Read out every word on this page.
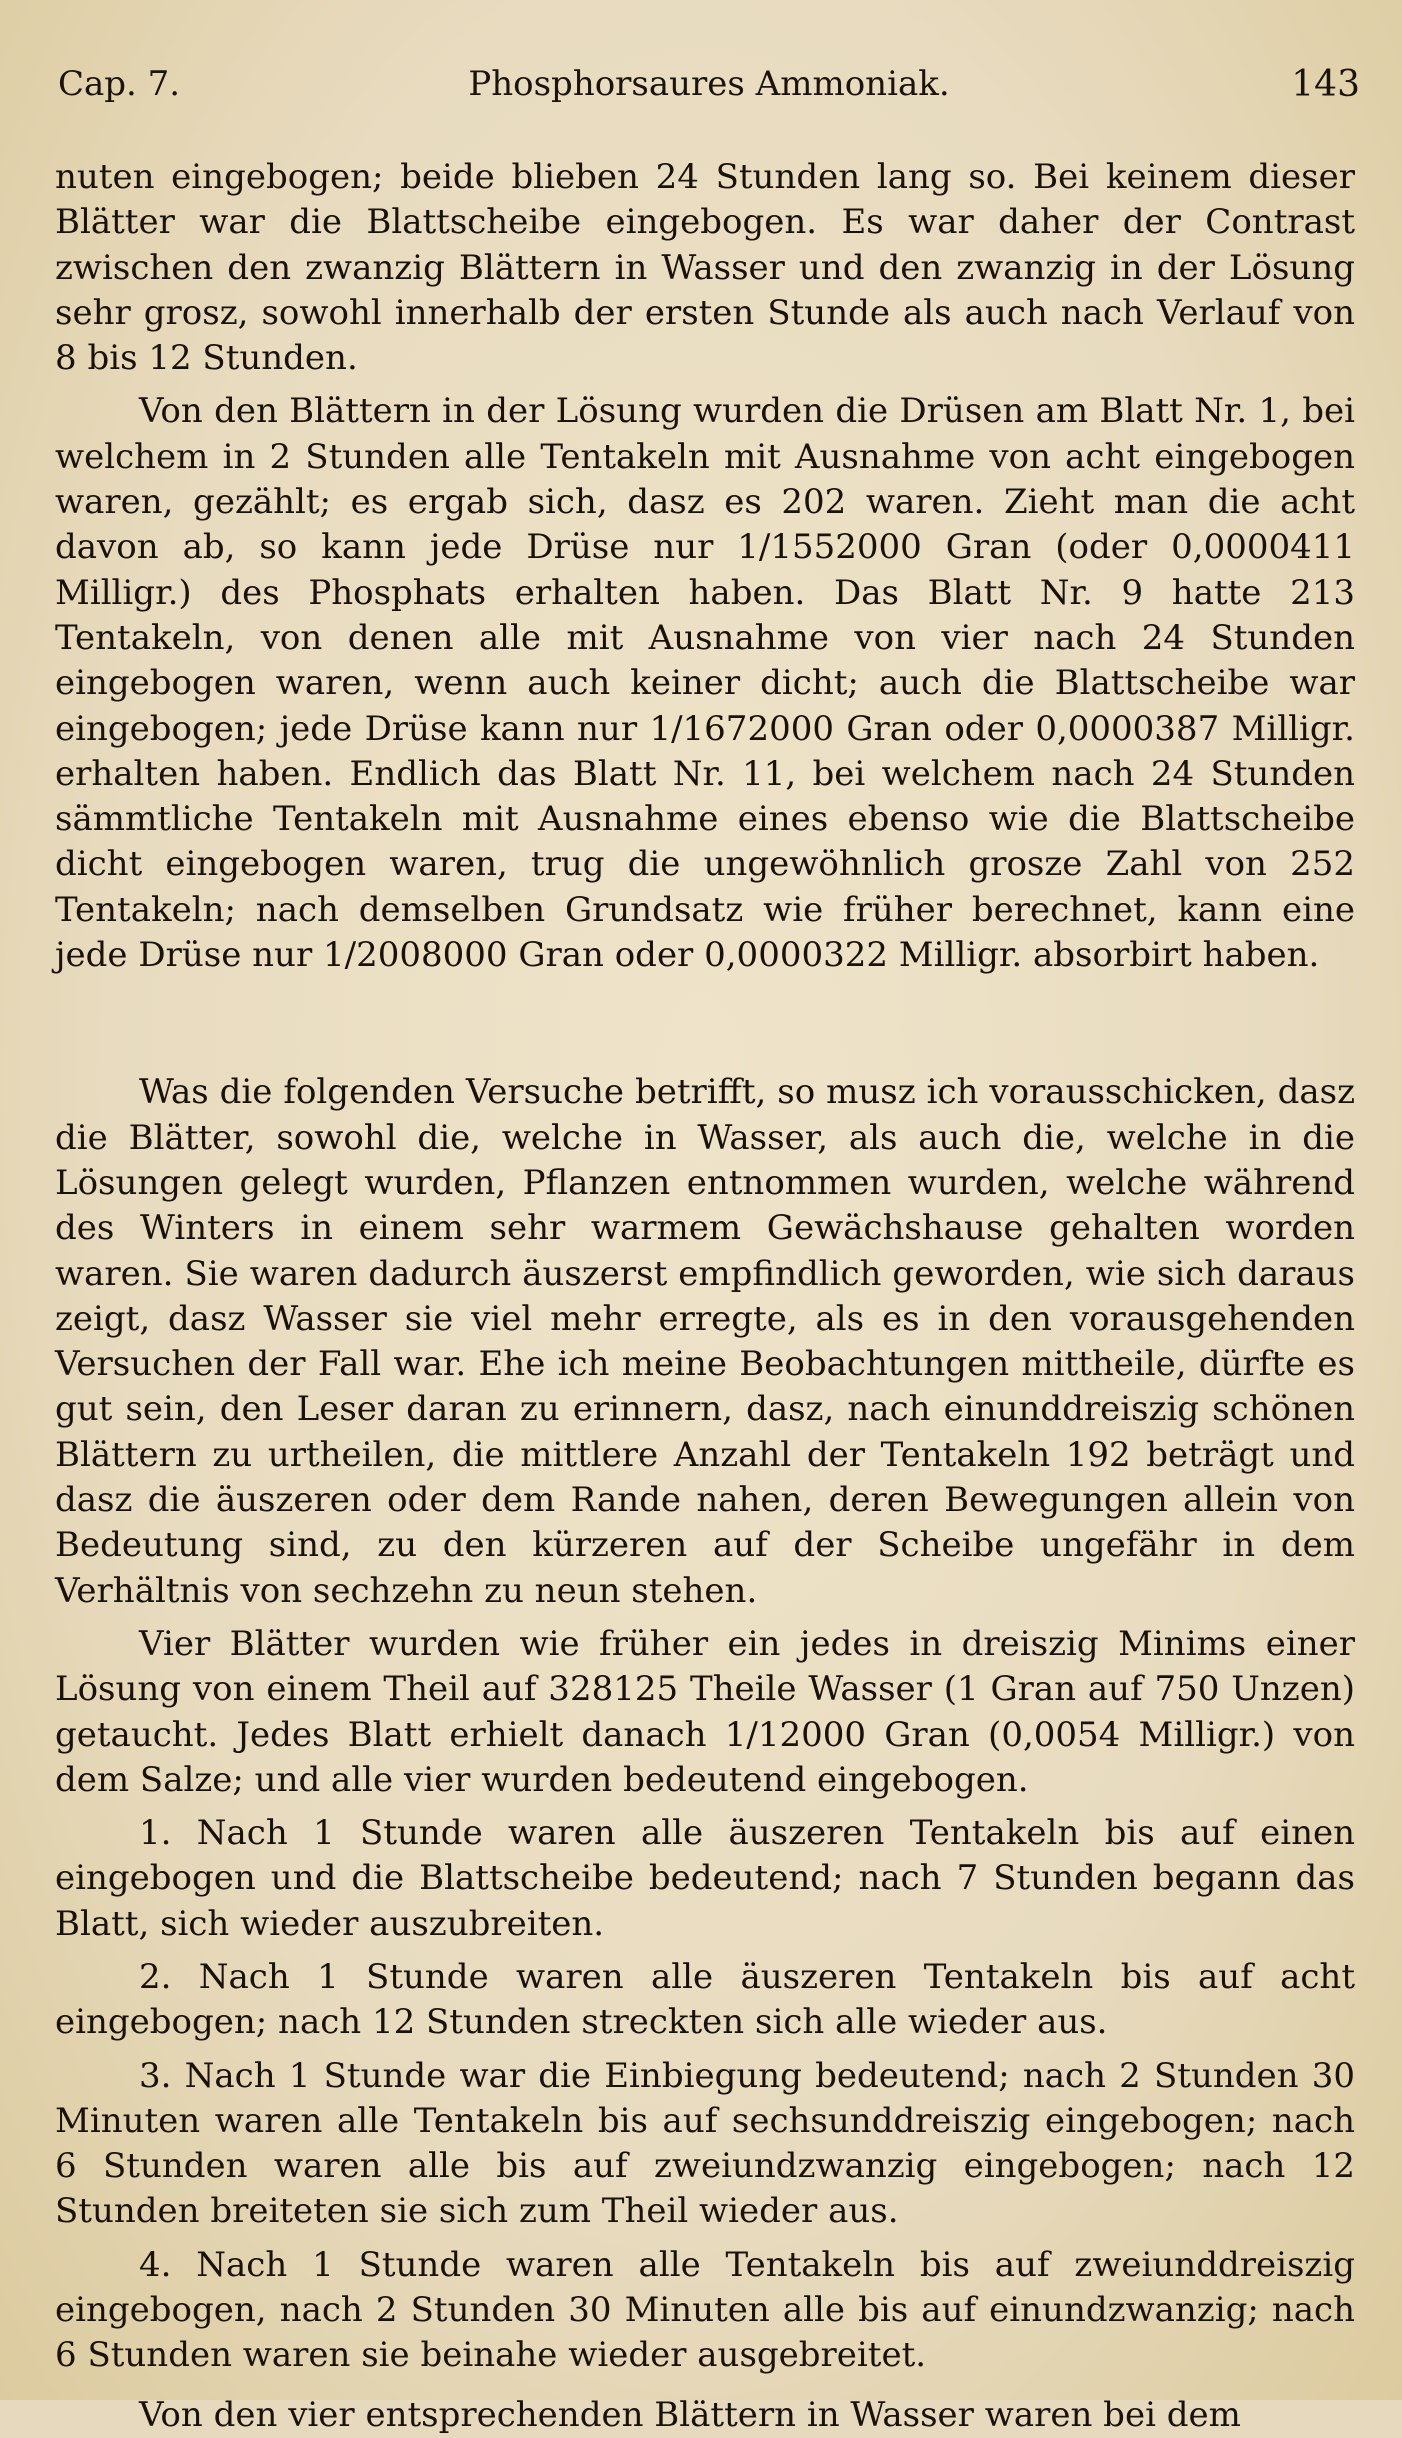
Cap. 7.	Phosphorsaures Ammoniak.	143

nuten eingebogen; beide blieben 24 Stunden lang so. Bei keinem dieser Blätter war die Blattscheibe eingebogen. Es war daher der Contrast zwischen den zwanzig Blättern in Wasser und den zwanzig in der Lösung sehr grosz, sowohl innerhalb der ersten Stunde als auch nach Verlauf von 8 bis 12 Stunden.

Von den Blättern in der Lösung wurden die Drüsen am Blatt Nr. 1, bei welchem in 2 Stunden alle Tentakeln mit Ausnahme von acht eingebogen waren, gezählt; es ergab sich, dasz es 202 waren. Zieht man die acht davon ab, so kann jede Drüse nur 1/1552000 Gran (oder 0,0000411 Milligr.) des Phosphats erhalten haben. Das Blatt Nr. 9 hatte 213 Tentakeln, von denen alle mit Ausnahme von vier nach 24 Stunden eingebogen waren, wenn auch keiner dicht; auch die Blattscheibe war eingebogen; jede Drüse kann nur 1/1672000 Gran oder 0,0000387 Milligr. erhalten haben. Endlich das Blatt Nr. 11, bei welchem nach 24 Stunden sämmtliche Tentakeln mit Ausnahme eines ebenso wie die Blattscheibe dicht eingebogen waren, trug die ungewöhnlich grosze Zahl von 252 Tentakeln; nach demselben Grundsatz wie früher berechnet, kann eine jede Drüse nur 1/2008000 Gran oder 0,0000322 Milligr. absorbirt haben.

Was die folgenden Versuche betrifft, so musz ich vorausschicken, dasz die Blätter, sowohl die, welche in Wasser, als auch die, welche in die Lösungen gelegt wurden, Pflanzen entnommen wurden, welche während des Winters in einem sehr warmem Gewächshause gehalten worden waren. Sie waren dadurch äuszerst empfindlich geworden, wie sich daraus zeigt, dasz Wasser sie viel mehr erregte, als es in den vorausgehenden Versuchen der Fall war. Ehe ich meine Beobachtungen mittheile, dürfte es gut sein, den Leser daran zu erinnern, dasz, nach einunddreiszig schönen Blättern zu urtheilen, die mittlere Anzahl der Tentakeln 192 beträgt und dasz die äuszeren oder dem Rande nahen, deren Bewegungen allein von Bedeutung sind, zu den kürzeren auf der Scheibe ungefähr in dem Verhältnis von sechzehn zu neun stehen.

Vier Blätter wurden wie früher ein jedes in dreiszig Minims einer Lösung von einem Theil auf 328125 Theile Wasser (1 Gran auf 750 Unzen) getaucht. Jedes Blatt erhielt danach 1/12000 Gran (0,0054 Milligr.) von dem Salze; und alle vier wurden bedeutend eingebogen.

1. Nach 1 Stunde waren alle äuszeren Tentakeln bis auf einen eingebogen und die Blattscheibe bedeutend; nach 7 Stunden begann das Blatt, sich wieder auszubreiten.

2. Nach 1 Stunde waren alle äuszeren Tentakeln bis auf acht eingebogen; nach 12 Stunden streckten sich alle wieder aus.

3. Nach 1 Stunde war die Einbiegung bedeutend; nach 2 Stunden 30 Minuten waren alle Tentakeln bis auf sechsunddreiszig eingebogen; nach 6 Stunden waren alle bis auf zweiundzwanzig eingebogen; nach 12 Stunden breiteten sie sich zum Theil wieder aus.

4. Nach 1 Stunde waren alle Tentakeln bis auf zweiunddreiszig eingebogen, nach 2 Stunden 30 Minuten alle bis auf einundzwanzig; nach 6 Stunden waren sie beinahe wieder ausgebreitet.

Von den vier entsprechenden Blättern in Wasser waren bei dem
